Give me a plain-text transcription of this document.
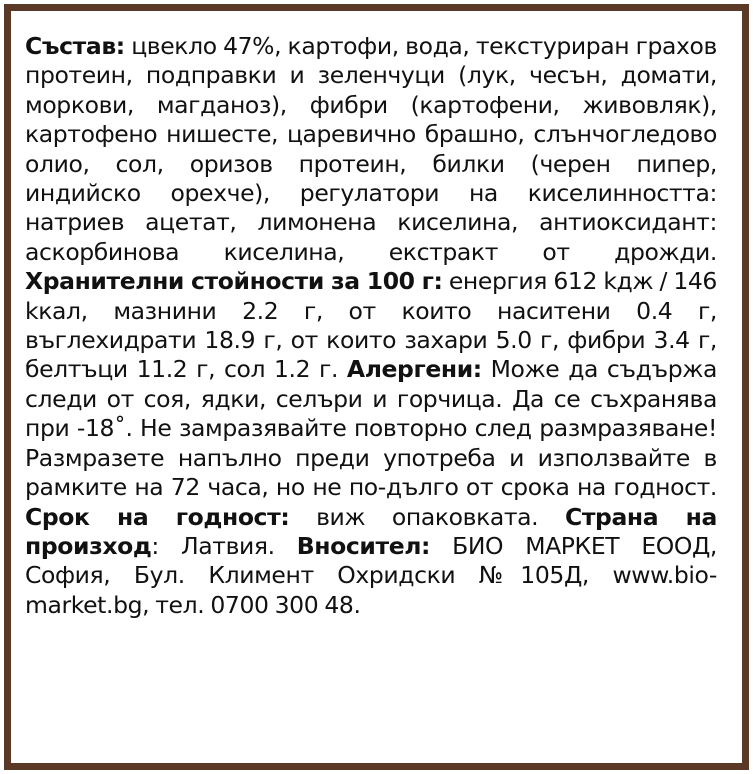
Състав: цвекло 47%, картофи, вода, текстуриран грахов протеин, подправки и зеленчуци (лук, чесън, домати, моркови, магданоз), фибри (картофени, живовляк), картофено нишесте, царевично брашно, слънчогледово олио, сол, оризов протеин, билки (черен пипер, индийско орехче), регулатори на киселинността: натриев ацетат, лимонена киселина, антиоксидант: аскорбинова киселина, екстракт от дрожди. Хранителни стойности за 100 г: енергия 612 kдж / 146 kкал, мазнини 2.2 г, от които наситени 0.4 г, въглехидрати 18.9 г, от които захари 5.0 г, фибри 3.4 г, белтъци 11.2 г, сол 1.2 г. Алергени: Може да съдържа следи от соя, ядки, селъри и горчица. Да се съхранява при -18˚. Не замразявайте повторно след размразяване! Размразете напълно преди употреба и използвайте в рамките на 72 часа, но не по-дълго от срока на годност. Срок на годност: виж опаковката. Страна на произход: Латвия. Вносител: БИО МАРКЕТ ЕООД, София, Бул. Климент Охридски №105Д, www.bio-market.bg, тел. 0700 300 48.
